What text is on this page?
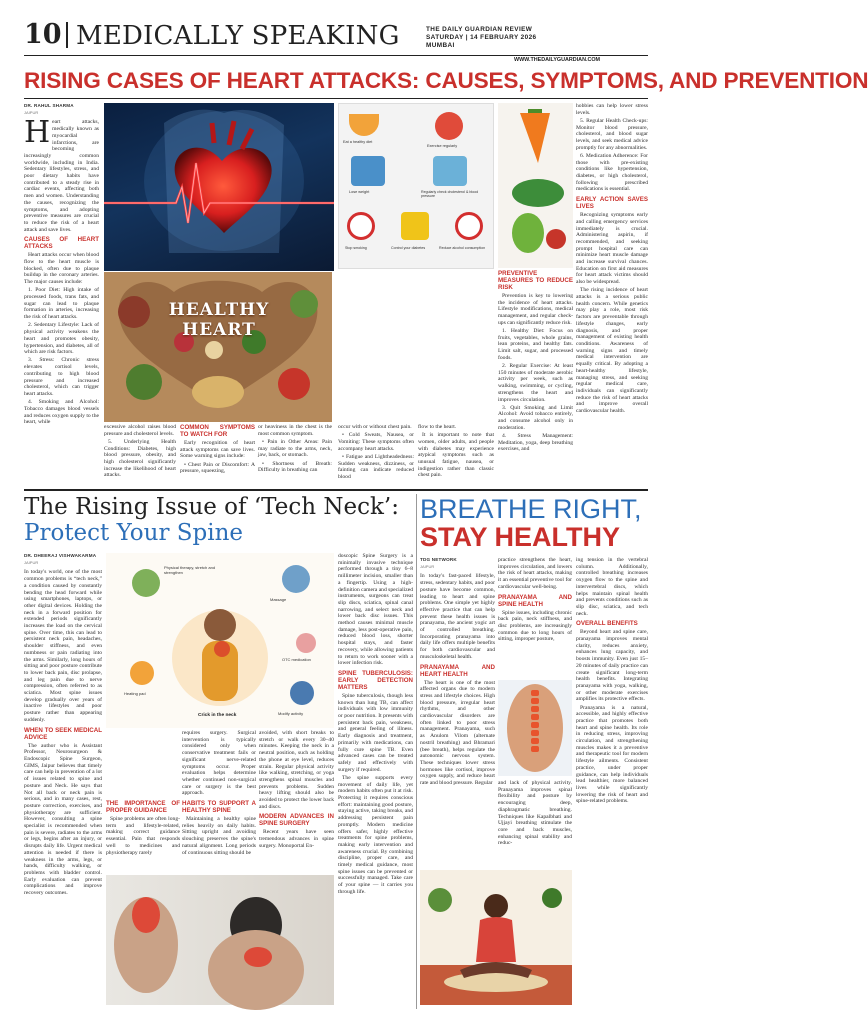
10 MEDICALLY SPEAKING	THE DAILY GUARDIAN REVIEW
SATURDAY | 14 FEBRUARY 2026
MUMBAI
WWW.THEDAILYGUARDIAN.COM
RISING CASES OF HEART ATTACKS: CAUSES, SYMPTOMS, AND PREVENTION
DR. RAHUL SHARMA
JAIPUR

Heart attacks, medically known as myocardial infarctions, are becoming increasingly common worldwide, including in India. Sedentary lifestyles, stress, and poor dietary habits have contributed to a steady rise in cardiac events, affecting both men and women. Understanding the causes, recognizing the symptoms, and adopting preventive measures are crucial to reduce the risk of a heart attack and save lives.

CAUSES OF HEART ATTACKS

Heart attacks occur when blood flow to the heart muscle is blocked, often due to plaque buildup in the coronary arteries. The major causes include:

1. Poor Diet: High intake of processed foods, trans fats, and sugar can lead to plaque formation in arteries, increasing the risk of heart attacks.

2. Sedentary Lifestyle: Lack of physical activity weakens the heart and promotes obesity, hypertension, and diabetes, all of which are risk factors.

3. Stress: Chronic stress elevates cortisol levels, contributing to high blood pressure and increased cholesterol, which can trigger heart attacks.

4. Smoking and Alcohol: Tobacco damages blood vessels and reduces oxygen supply to the heart, while

Eat a healthy diet
Exercise regularly
Lose weight	Regularly check cholesterol & blood pressure
Stop smoking	Control your diabetes	Reduce alcohol consumption
HEALTHY HEART

excessive alcohol raises blood pressure and cholesterol levels.

5. Underlying Health Conditions: Diabetes, high blood pressure, obesity, and high cholesterol significantly increase the likelihood of heart attacks.

COMMON SYMPTOMS TO WATCH FOR

Early recognition of heart attack symptoms can save lives. Some warning signs include:

• Chest Pain or Discomfort: A pressure, squeezing,

or heaviness in the chest is the most common symptom.

• Pain in Other Areas: Pain may radiate to the arms, neck, jaw, back, or stomach.

• Shortness of Breath: Difficulty in breathing can

occur with or without chest pain.

• Cold Sweats, Nausea, or Vomiting: These symptoms often accompany heart attacks.

• Fatigue and Lightheadedness: Sudden weakness, dizziness, or fainting can indicate reduced blood

flow to the heart.

It is important to note that women, older adults, and people with diabetes may experience atypical symptoms such as unusual fatigue, nausea, or indigestion rather than classic chest pain.

PREVENTIVE MEASURES TO REDUCE RISK

Prevention is key to lowering the incidence of heart attacks. Lifestyle modifications, medical management, and regular check-ups can significantly reduce risk.

1. Healthy Diet: Focus on fruits, vegetables, whole grains, lean proteins, and healthy fats. Limit salt, sugar, and processed foods.

2. Regular Exercise: At least 150 minutes of moderate aerobic activity per week, such as walking, swimming, or cycling, strengthens the heart and improves circulation.

3. Quit Smoking and Limit Alcohol: Avoid tobacco entirely, and consume alcohol only in moderation.

4. Stress Management: Meditation, yoga, deep breathing exercises, and

hobbies can help lower stress levels.

5. Regular Health Check-ups: Monitor blood pressure, cholesterol, and blood sugar levels, and seek medical advice promptly for any abnormalities.

6. Medication Adherence: For those with pre-existing conditions like hypertension, diabetes, or high cholesterol, following prescribed medications is essential.

EARLY ACTION SAVES LIVES

Recognizing symptoms early and calling emergency services immediately is crucial. Administering aspirin, if recommended, and seeking prompt hospital care can minimize heart muscle damage and increase survival chances. Education on first aid measures for heart attack victims should also be widespread.

The rising incidence of heart attacks is a serious public health concern. While genetics may play a role, most risk factors are preventable through lifestyle changes, early diagnosis, and proper management of existing health conditions. Awareness of warning signs and timely medical intervention are equally critical. By adopting a heart-healthy lifestyle, managing stress, and seeking regular medical care, individuals can significantly reduce the risk of heart attacks and improve overall cardiovascular health.

The Rising Issue of ‘Tech Neck’:
Protect Your Spine
DR. DHEERAJ VISHWAKARMA
JAIPUR

In today's world, one of the most common problems is “tech neck,” a condition caused by constantly bending the head forward while using smartphones, laptops, or other digital devices. Holding the neck in a forward position for extended periods significantly increases the load on the cervical spine. Over time, this can lead to persistent neck pain, headaches, shoulder stiffness, and even numbness or pain radiating into the arms. Similarly, long hours of sitting and poor posture contribute to lower back pain, disc prolapse, and leg pain due to nerve compression, often referred to as sciatica. Most spine issues develop gradually over years of inactive lifestyles and poor posture rather than appearing suddenly.

WHEN TO SEEK MEDICAL ADVICE

The author who is Assistant Professor, Neurosurgeon & Endoscopic Spine Surgeon, GIMS, Jaipur believes that timely care can help in prevention of a lot of issues related to spine and posture and Neck. He says that Not all back or neck pain is serious, and in many cases, rest, posture correction, exercises, and physiotherapy are sufficient. However, consulting a spine specialist is recommended when pain is severe, radiates to the arms or legs, begins after an injury, or disrupts daily life. Urgent medical attention is needed if there is weakness in the arms, legs, or hands, difficulty walking, or problems with bladder control. Early evaluation can prevent complications and improve recovery outcomes.

Physical therapy, stretch and strengthen
Massage
OTC medication
Heating pad
Crick in the neck	Modify activity
THE IMPORTANCE OF PROPER GUIDANCE

Spine problems are often long-term and lifestyle-related, making correct guidance essential. Pain that responds well to medicines and physiotherapy rarely

requires surgery. Surgical intervention is typically considered only when conservative treatment fails or significant nerve-related symptoms occur. Proper evaluation helps determine whether continued non-surgical care or surgery is the best approach.

HABITS TO SUPPORT A HEALTHY SPINE

Maintaining a healthy spine relies heavily on daily habits. Sitting upright and avoiding slouching preserves the spine's natural alignment. Long periods of continuous sitting should be

avoided, with short breaks to stretch or walk every 30–40 minutes. Keeping the neck in a neutral position, such as holding the phone at eye level, reduces strain. Regular physical activity like walking, stretching, or yoga strengthens spinal muscles and prevents problems. Sudden heavy lifting should also be avoided to protect the lower back and discs.

MODERN ADVANCES IN SPINE SURGERY

Recent years have seen tremendous advances in spine surgery. Monoportal En-

doscopic Spine Surgery is a minimally invasive technique performed through a tiny 6–8 millimeter incision, smaller than a fingertip. Using a high-definition camera and specialized instruments, surgeons can treat slip discs, sciatica, spinal canal narrowing, and select neck and lower back disc issues. This method causes minimal muscle damage, less post-operative pain, reduced blood loss, shorter hospital stays, and faster recovery, while allowing patients to return to work sooner with a lower infection risk.

SPINE TUBERCULOSIS: EARLY DETECTION MATTERS

Spine tuberculosis, though less known than lung TB, can affect individuals with low immunity or poor nutrition. It presents with persistent back pain, weakness, and general feeling of illness. Early diagnosis and treatment, primarily with medications, can fully cure spine TB. Even advanced cases can be treated safely and effectively with surgery if required.

The spine supports every movement of daily life, yet modern habits often put it at risk. Protecting it requires conscious effort: maintaining good posture, staying active, taking breaks, and addressing persistent pain promptly. Modern medicine offers safer, highly effective treatments for spine problems, making early intervention and awareness crucial. By combining discipline, proper care, and timely medical guidance, most spine issues can be prevented or successfully managed. Take care of your spine — it carries you through life.

BREATHE RIGHT,
STAY HEALTHY
TDG NETWORK
JAIPUR

In today's fast-paced lifestyle, stress, sedentary habits, and poor posture have become common, leading to heart and spine problems. One simple yet highly effective practice that can help prevent these health issues is pranayama, the ancient yogic art of controlled breathing. Incorporating pranayama into daily life offers multiple benefits for both cardiovascular and musculoskeletal health.

PRANAYAMA AND HEART HEALTH

The heart is one of the most affected organs due to modern stress and lifestyle choices. High blood pressure, irregular heart rhythms, and other cardiovascular disorders are often linked to poor stress management. Pranayama, such as Anulom Vilom (alternate nostril breathing) and Bhramari (bee breath), helps regulate the autonomic nervous system. These techniques lower stress hormones like cortisol, improve oxygen supply, and reduce heart rate and blood pressure. Regular

practice strengthens the heart, improves circulation, and lowers the risk of heart attacks, making it an essential preventive tool for cardiovascular well-being.

PRANAYAMA AND SPINE HEALTH

Spine issues, including chronic back pain, neck stiffness, and disc problems, are increasingly common due to long hours of sitting, improper posture,

and lack of physical activity. Pranayama improves spinal flexibility and posture by encouraging deep, diaphragmatic breathing. Techniques like Kapalbhati and Ujjayi breathing stimulate the core and back muscles, enhancing spinal stability and reduc-

ing tension in the vertebral column. Additionally, controlled breathing increases oxygen flow to the spine and intervertebral discs, which helps maintain spinal health and prevents conditions such as slip disc, sciatica, and tech neck.

OVERALL BENEFITS

Beyond heart and spine care, pranayama improves mental clarity, reduces anxiety, enhances lung capacity, and boosts immunity. Even just 15–20 minutes of daily practice can create significant long-term health benefits. Integrating pranayama with yoga, walking, or other moderate exercises amplifies its protective effects.

Pranayama is a natural, accessible, and highly effective practice that promotes both heart and spine health. Its role in reducing stress, improving circulation, and strengthening muscles makes it a preventive and therapeutic tool for modern lifestyle ailments. Consistent practice, under proper guidance, can help individuals lead healthier, more balanced lives while significantly lowering the risk of heart and spine-related problems.
